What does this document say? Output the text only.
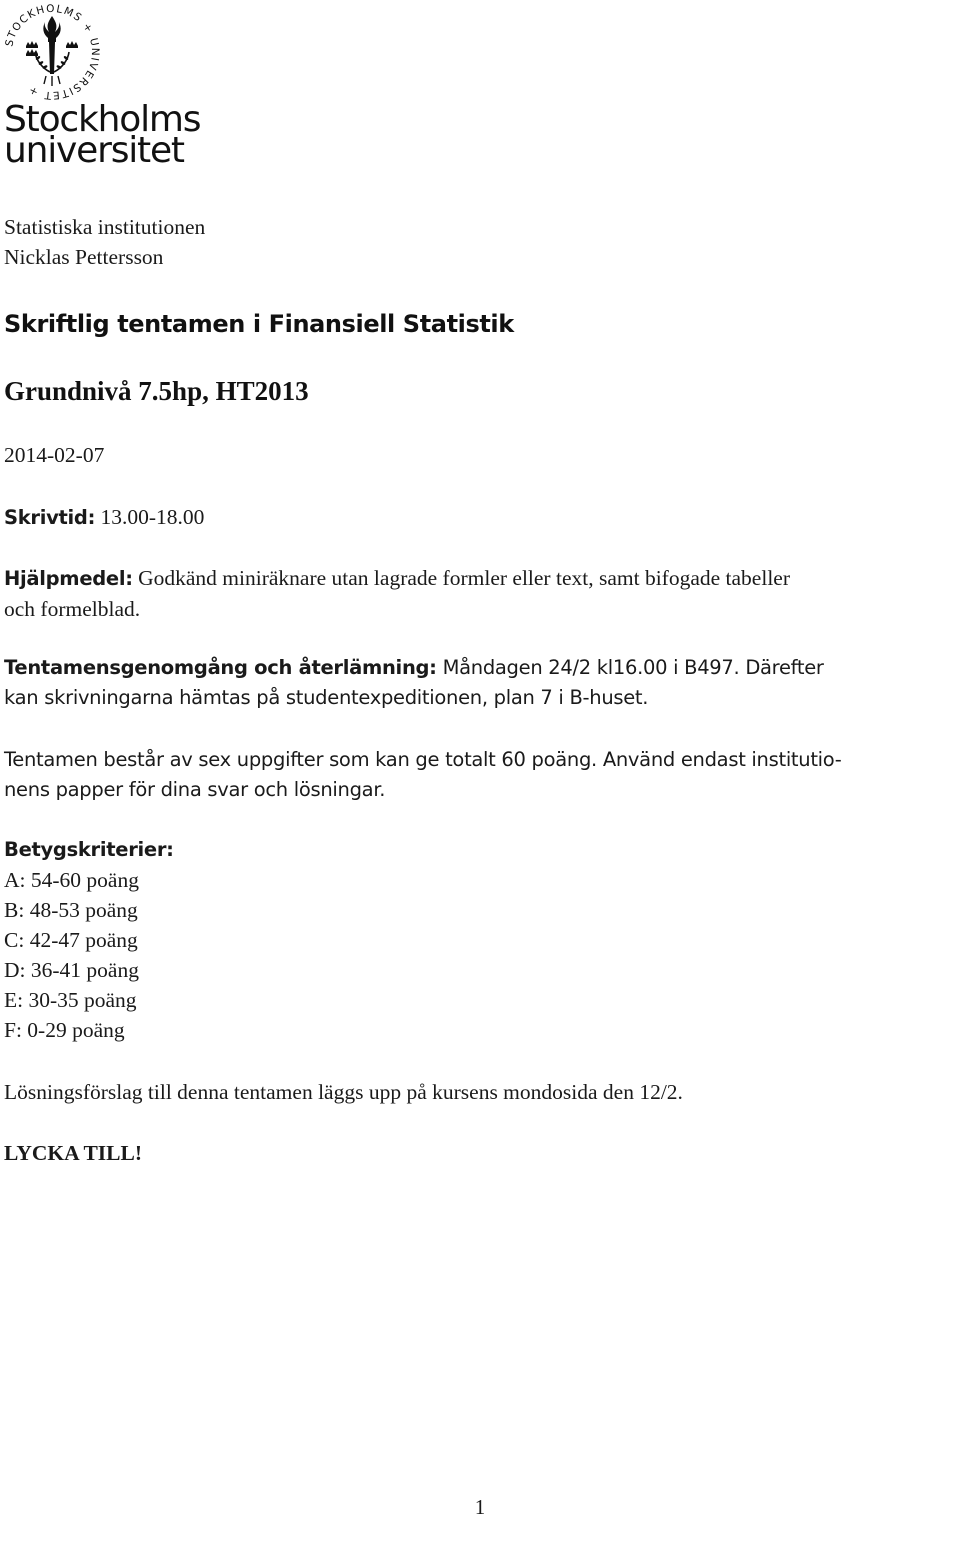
STOCKHOLMS + UNIVERSITET +
Stockholms
universitet
Statistiska institutionen
Nicklas Pettersson
Skriftlig tentamen i Finansiell Statistik
Grundnivå 7.5hp, HT2013
2014-02-07
Skrivtid: 13.00-18.00
Hjälpmedel: Godkänd miniräknare utan lagrade formler eller text, samt bifogade tabeller
och formelblad.
Tentamensgenomgång och återlämning: Måndagen 24/2 kl16.00 i B497. Därefter
kan skrivningarna hämtas på studentexpeditionen, plan 7 i B-huset.
Tentamen består av sex uppgifter som kan ge totalt 60 poäng. Använd endast institutio-
nens papper för dina svar och lösningar.
Betygskriterier:
A: 54-60 poäng
B: 48-53 poäng
C: 42-47 poäng
D: 36-41 poäng
E: 30-35 poäng
F: 0-29 poäng
Lösningsförslag till denna tentamen läggs upp på kursens mondosida den 12/2.
LYCKA TILL!
1
